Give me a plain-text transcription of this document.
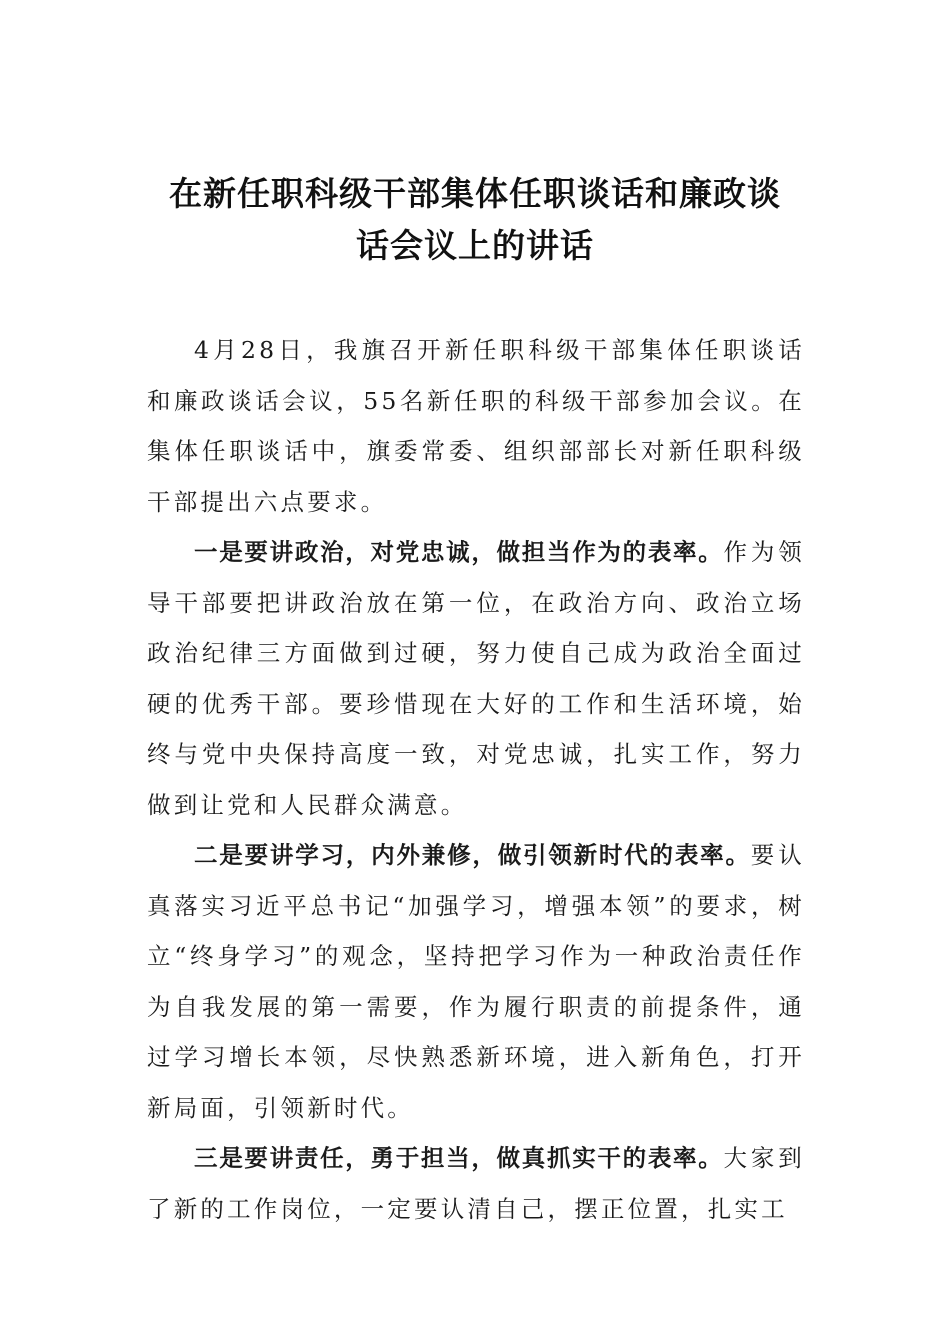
在新任职科级干部集体任职谈话和廉政谈
话会议上的讲话

4月28日，我旗召开新任职科级干部集体任职谈话和廉政谈话会议，55名新任职的科级干部参加会议。在集体任职谈话中，旗委常委、组织部部长对新任职科级干部提出六点要求。

一是要讲政治，对党忠诚，做担当作为的表率。作为领导干部要把讲政治放在第一位，在政治方向、政治立场政治纪律三方面做到过硬，努力使自己成为政治全面过硬的优秀干部。要珍惜现在大好的工作和生活环境，始终与党中央保持高度一致，对党忠诚，扎实工作，努力做到让党和人民群众满意。

二是要讲学习，内外兼修，做引领新时代的表率。要认真落实习近平总书记“加强学习，增强本领”的要求，树立“终身学习”的观念，坚持把学习作为一种政治责任作为自我发展的第一需要，作为履行职责的前提条件，通过学习增长本领，尽快熟悉新环境，进入新角色，打开新局面，引领新时代。

三是要讲责任，勇于担当，做真抓实干的表率。大家到了新的工作岗位，一定要认清自己，摆正位置，扎实工
